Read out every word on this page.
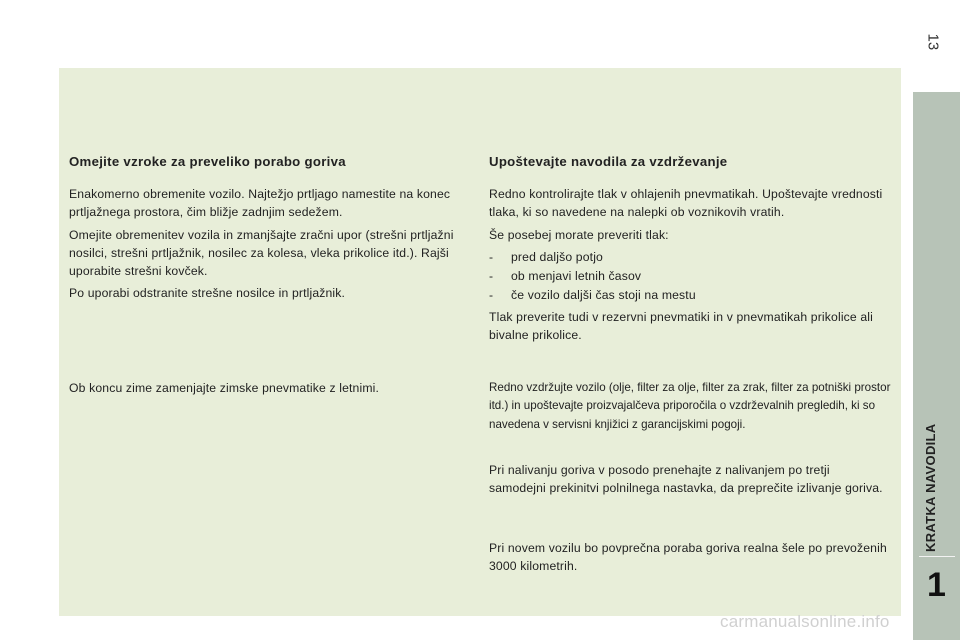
13
Omejite vzroke za preveliko porabo goriva

Enakomerno obremenite vozilo. Najtežjo prtljago namestite na konec prtljažnega prostora, čim bližje zadnjim sedežem.

Omejite obremenitev vozila in zmanjšajte zračni upor (strešni prtljažni nosilci, strešni prtljažnik, nosilec za kolesa, vleka prikolice itd.). Rajši uporabite strešni kovček.

Po uporabi odstranite strešne nosilce in prtljažnik.

Ob koncu zime zamenjajte zimske pnevmatike z letnimi.

Upoštevajte navodila za vzdrževanje

Redno kontrolirajte tlak v ohlajenih pnevmatikah. Upoštevajte vrednosti tlaka, ki so navedene na nalepki ob voznikovih vratih.

Še posebej morate preveriti tlak:

-	pred daljšo potjo
-	ob menjavi letnih časov
-	če vozilo daljši čas stoji na mestu

Tlak preverite tudi v rezervni pnevmatiki in v pnevmatikah prikolice ali bivalne prikolice.

Redno vzdržujte vozilo (olje, filter za olje, filter za zrak, filter za potniški prostor itd.) in upoštevajte proizvajalčeva priporočila o vzdrževalnih pregledih, ki so navedena v servisni knjižici z garancijskimi pogoji.

Pri nalivanju goriva v posodo prenehajte z nalivanjem po tretji samodejni prekinitvi polnilnega nastavka, da preprečite izlivanje goriva.

Pri novem vozilu bo povprečna poraba goriva realna šele po prevoženih 3000 kilometrih.

KRATKA NAVODILA
1
carmanualsonline.info
